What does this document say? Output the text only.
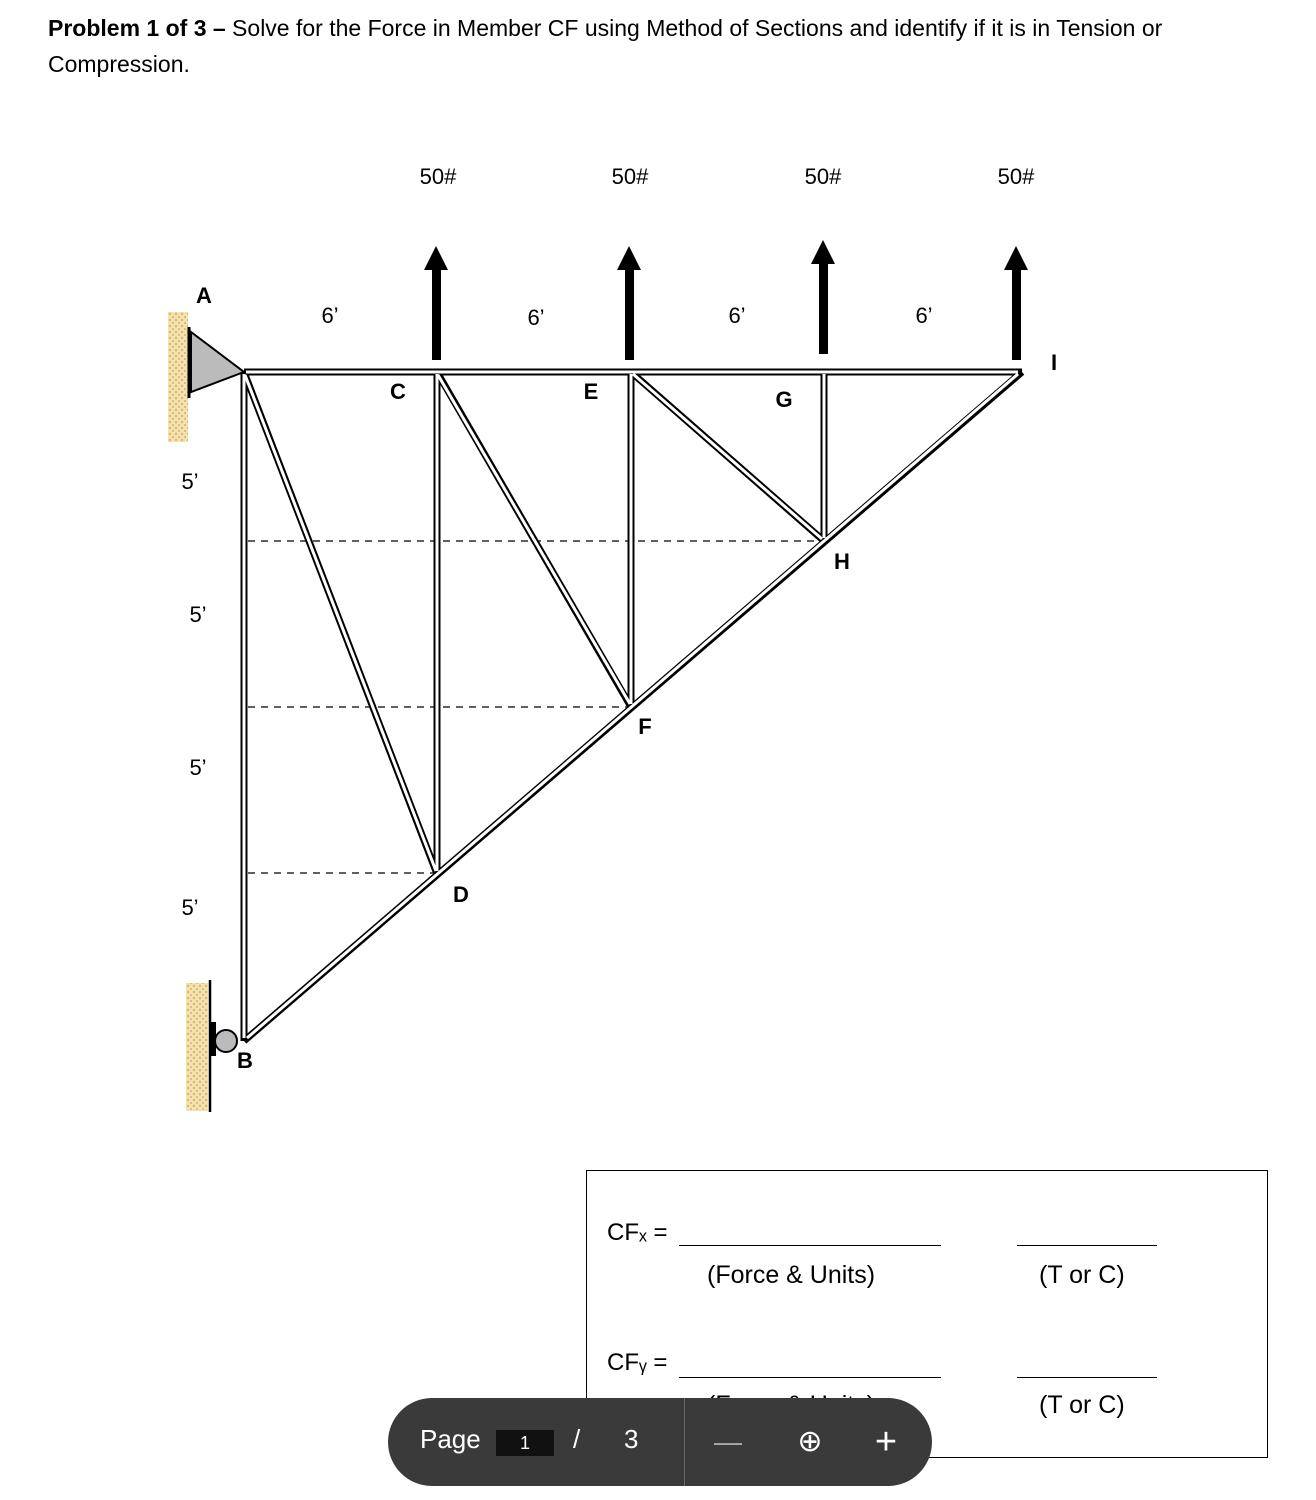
Problem 1 of 3 – Solve for the Force in Member CF using Method of Sections and identify if it is in Tension or Compression.
50#	50#	50#	50#
6’	6’	6’	6’
5’
5’
5’
5’
A
B
C
D
E
F
G
H
I
CFₓ =
(Force & Units)	(T or C)
CFᵧ =
(T or C)
Page	1	/ 3	— ⊕ +
